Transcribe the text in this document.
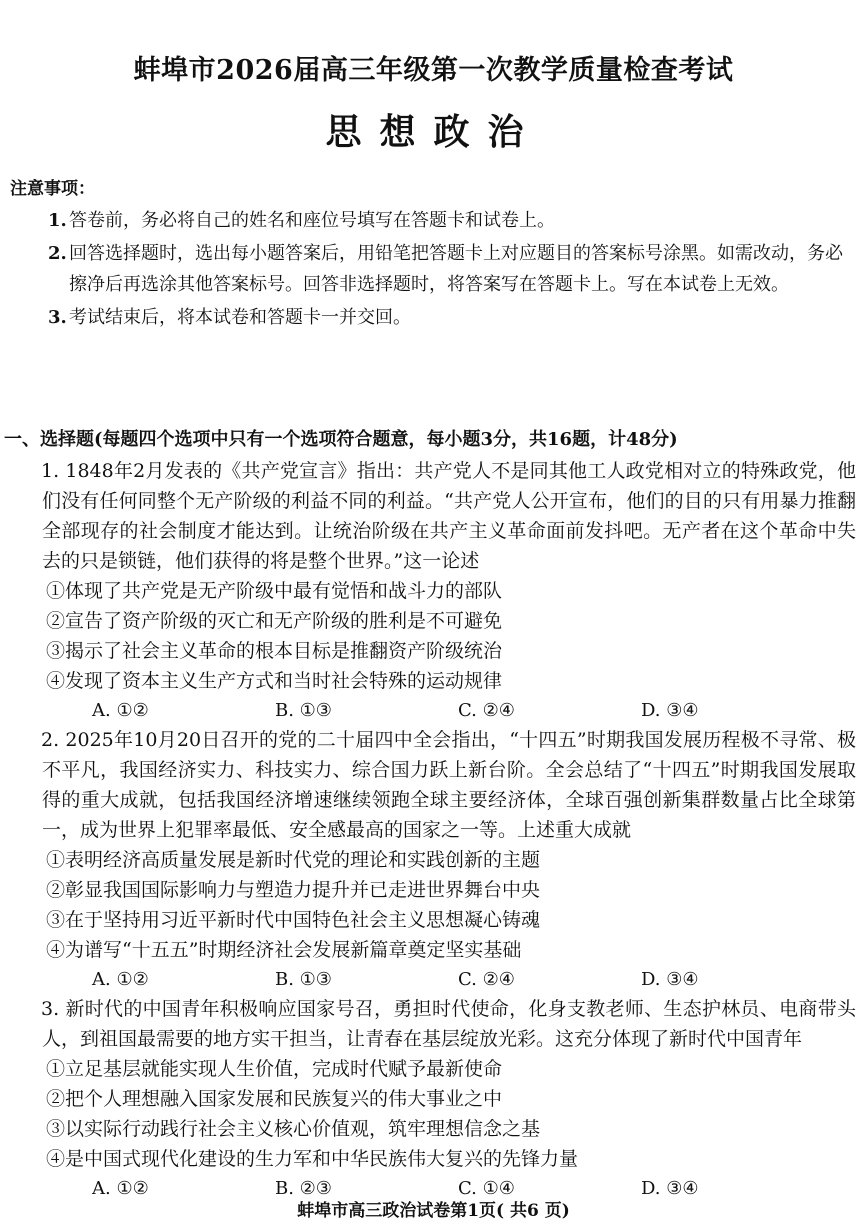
蚌埠市2026届高三年级第一次教学质量检查考试
思想政治
注意事项：
1. 答卷前，务必将自己的姓名和座位号填写在答题卡和试卷上。
2. 回答选择题时，选出每小题答案后，用铅笔把答题卡上对应题目的答案标号涂黑。如需改动，务必擦净后再选涂其他答案标号。回答非选择题时，将答案写在答题卡上。写在本试卷上无效。
3. 考试结束后，将本试卷和答题卡一并交回。
一、选择题(每题四个选项中只有一个选项符合题意，每小题3分，共16题，计48分)
1. 1848年2月发表的《共产党宣言》指出：共产党人不是同其他工人政党相对立的特殊政党，他们没有任何同整个无产阶级的利益不同的利益。“共产党人公开宣布，他们的目的只有用暴力推翻全部现存的社会制度才能达到。让统治阶级在共产主义革命面前发抖吧。无产者在这个革命中失去的只是锁链，他们获得的将是整个世界。”这一论述
①体现了共产党是无产阶级中最有觉悟和战斗力的部队
②宣告了资产阶级的灭亡和无产阶级的胜利是不可避免
③揭示了社会主义革命的根本目标是推翻资产阶级统治
④发现了资本主义生产方式和当时社会特殊的运动规律
A. ①②	B. ①③	C. ②④	D. ③④
2. 2025年10月20日召开的党的二十届四中全会指出，“十四五”时期我国发展历程极不寻常、极不平凡，我国经济实力、科技实力、综合国力跃上新台阶。全会总结了“十四五”时期我国发展取得的重大成就，包括我国经济增速继续领跑全球主要经济体，全球百强创新集群数量占比全球第一，成为世界上犯罪率最低、安全感最高的国家之一等。上述重大成就
①表明经济高质量发展是新时代党的理论和实践创新的主题
②彰显我国国际影响力与塑造力提升并已走进世界舞台中央
③在于坚持用习近平新时代中国特色社会主义思想凝心铸魂
④为谱写“十五五”时期经济社会发展新篇章奠定坚实基础
A. ①②	B. ①③	C. ②④	D. ③④
3. 新时代的中国青年积极响应国家号召，勇担时代使命，化身支教老师、生态护林员、电商带头人，到祖国最需要的地方实干担当，让青春在基层绽放光彩。这充分体现了新时代中国青年
①立足基层就能实现人生价值，完成时代赋予最新使命
②把个人理想融入国家发展和民族复兴的伟大事业之中
③以实际行动践行社会主义核心价值观，筑牢理想信念之基
④是中国式现代化建设的生力军和中华民族伟大复兴的先锋力量
A. ①②	B. ②③	C. ①④	D. ③④
蚌埠市高三政治试卷第1页( 共6 页)
